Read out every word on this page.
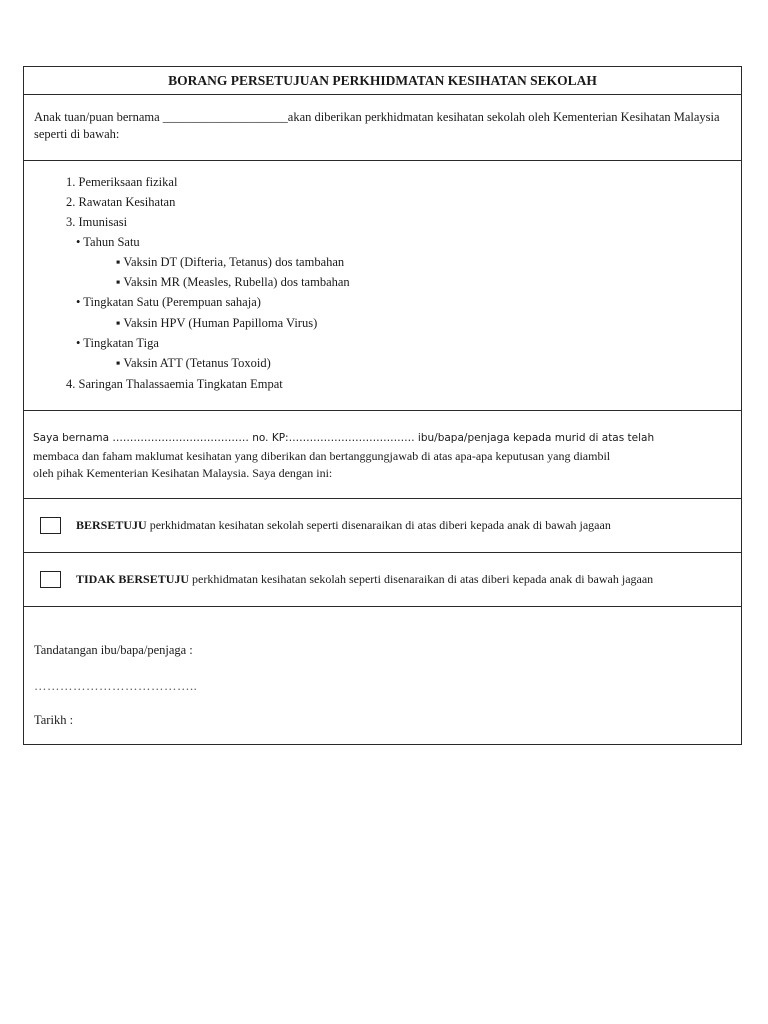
BORANG PERSETUJUAN PERKHIDMATAN KESIHATAN SEKOLAH
Anak tuan/puan bernama ____________________akan diberikan perkhidmatan kesihatan sekolah oleh Kementerian Kesihatan Malaysia seperti di bawah:
1. Pemeriksaan fizikal
2. Rawatan Kesihatan
3. Imunisasi
• Tahun Satu
▪ Vaksin DT (Difteria, Tetanus) dos tambahan
▪ Vaksin MR (Measles, Rubella) dos tambahan
• Tingkatan Satu (Perempuan sahaja)
▪ Vaksin HPV (Human Papilloma Virus)
• Tingkatan Tiga
▪ Vaksin ATT (Tetanus Toxoid)
4. Saringan Thalassaemia Tingkatan Empat
Saya bernama ………………………………… no. KP:……………………………… ibu/bapa/penjaga kepada murid di atas telah
membaca dan faham maklumat kesihatan yang diberikan dan bertanggungjawab di atas apa-apa keputusan yang diambil
oleh pihak Kementerian Kesihatan Malaysia. Saya dengan ini:
BERSETUJU perkhidmatan kesihatan sekolah seperti disenaraikan di atas diberi kepada anak di bawah jagaan
TIDAK BERSETUJU perkhidmatan kesihatan sekolah seperti disenaraikan di atas diberi kepada anak di bawah jagaan
Tandatangan ibu/bapa/penjaga :
………………………………..
Tarikh :
